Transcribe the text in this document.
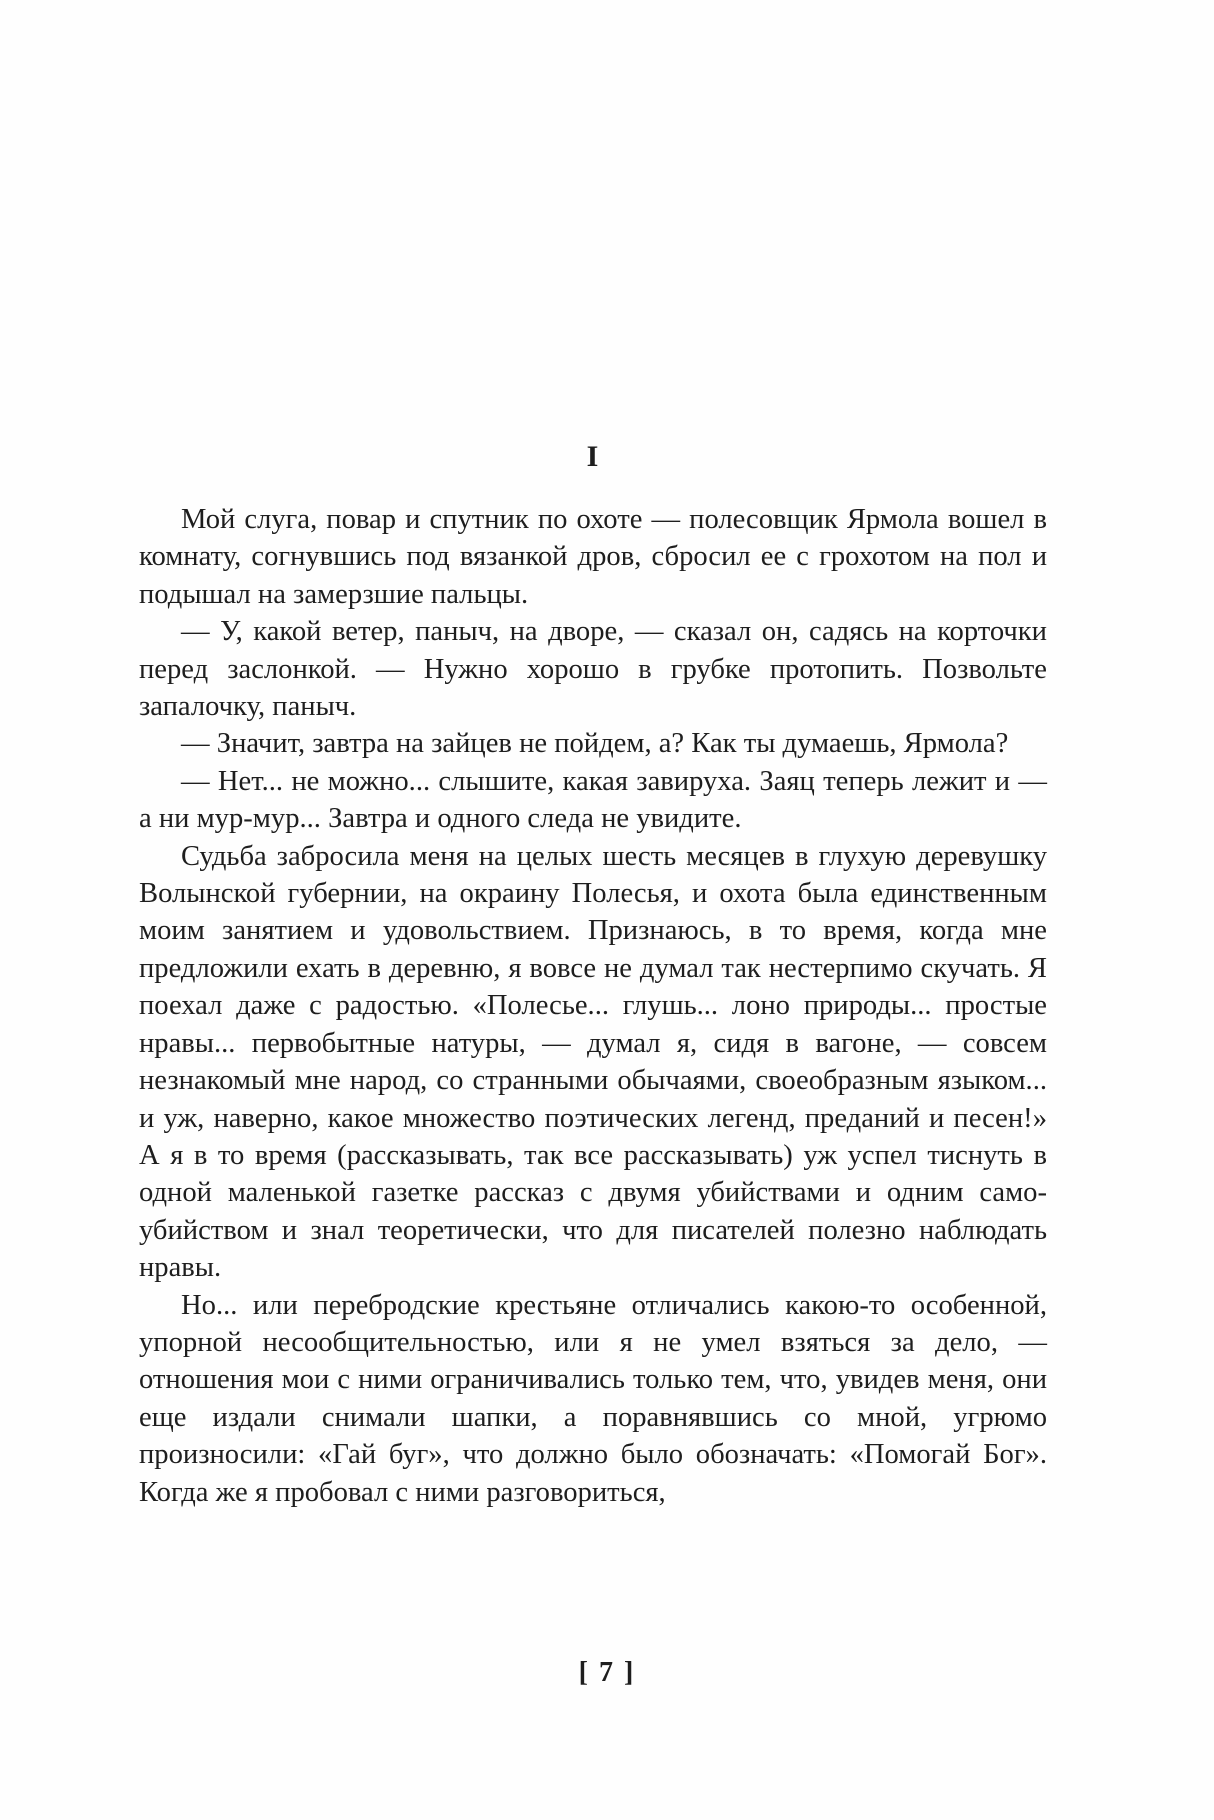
I

Мой слуга, повар и спутник по охоте — полесовщик Ярмола вошел в комнату, согнувшись под вязанкой дров, сбросил ее с грохотом на пол и подышал на замерзшие пальцы.

— У, какой ветер, паныч, на дворе, — сказал он, садясь на корточки перед заслонкой. — Нужно хорошо в грубке протопить. Позвольте запалочку, паныч.

— Значит, завтра на зайцев не пойдем, а? Как ты думаешь, Ярмола?

— Нет... не можно... слышите, какая завируха. Заяц теперь лежит и — а ни мур-мур... Завтра и одного следа не увидите.

Судьба забросила меня на целых шесть месяцев в глухую деревушку Волынской губернии, на окраину Полесья, и охота была единственным моим занятием и удовольствием. Признаюсь, в то время, когда мне предложили ехать в деревню, я вовсе не думал так нестерпимо скучать. Я поехал даже с радостью. «Полесье... глушь... лоно природы... простые нравы... первобытные натуры, — думал я, сидя в вагоне, — совсем незнакомый мне народ, со странными обычаями, своеобразным языком... и уж, наверно, какое множество поэтических легенд, преданий и песен!» А я в то время (рассказывать, так все рассказывать) уж успел тиснуть в одной маленькой газетке рассказ с двумя убийствами и одним самоубийством и знал теоретически, что для писателей полезно наблюдать нравы.

Но... или перебродские крестьяне отличались какою-то особенной, упорной несообщительностью, или я не умел взяться за дело, — отношения мои с ними ограничивались только тем, что, увидев меня, они еще издали снимали шапки, а поравнявшись со мной, угрюмо произносили: «Гай буг», что должно было обозначать: «Помогай Бог». Когда же я пробовал с ними разговориться,

[ 7 ]
